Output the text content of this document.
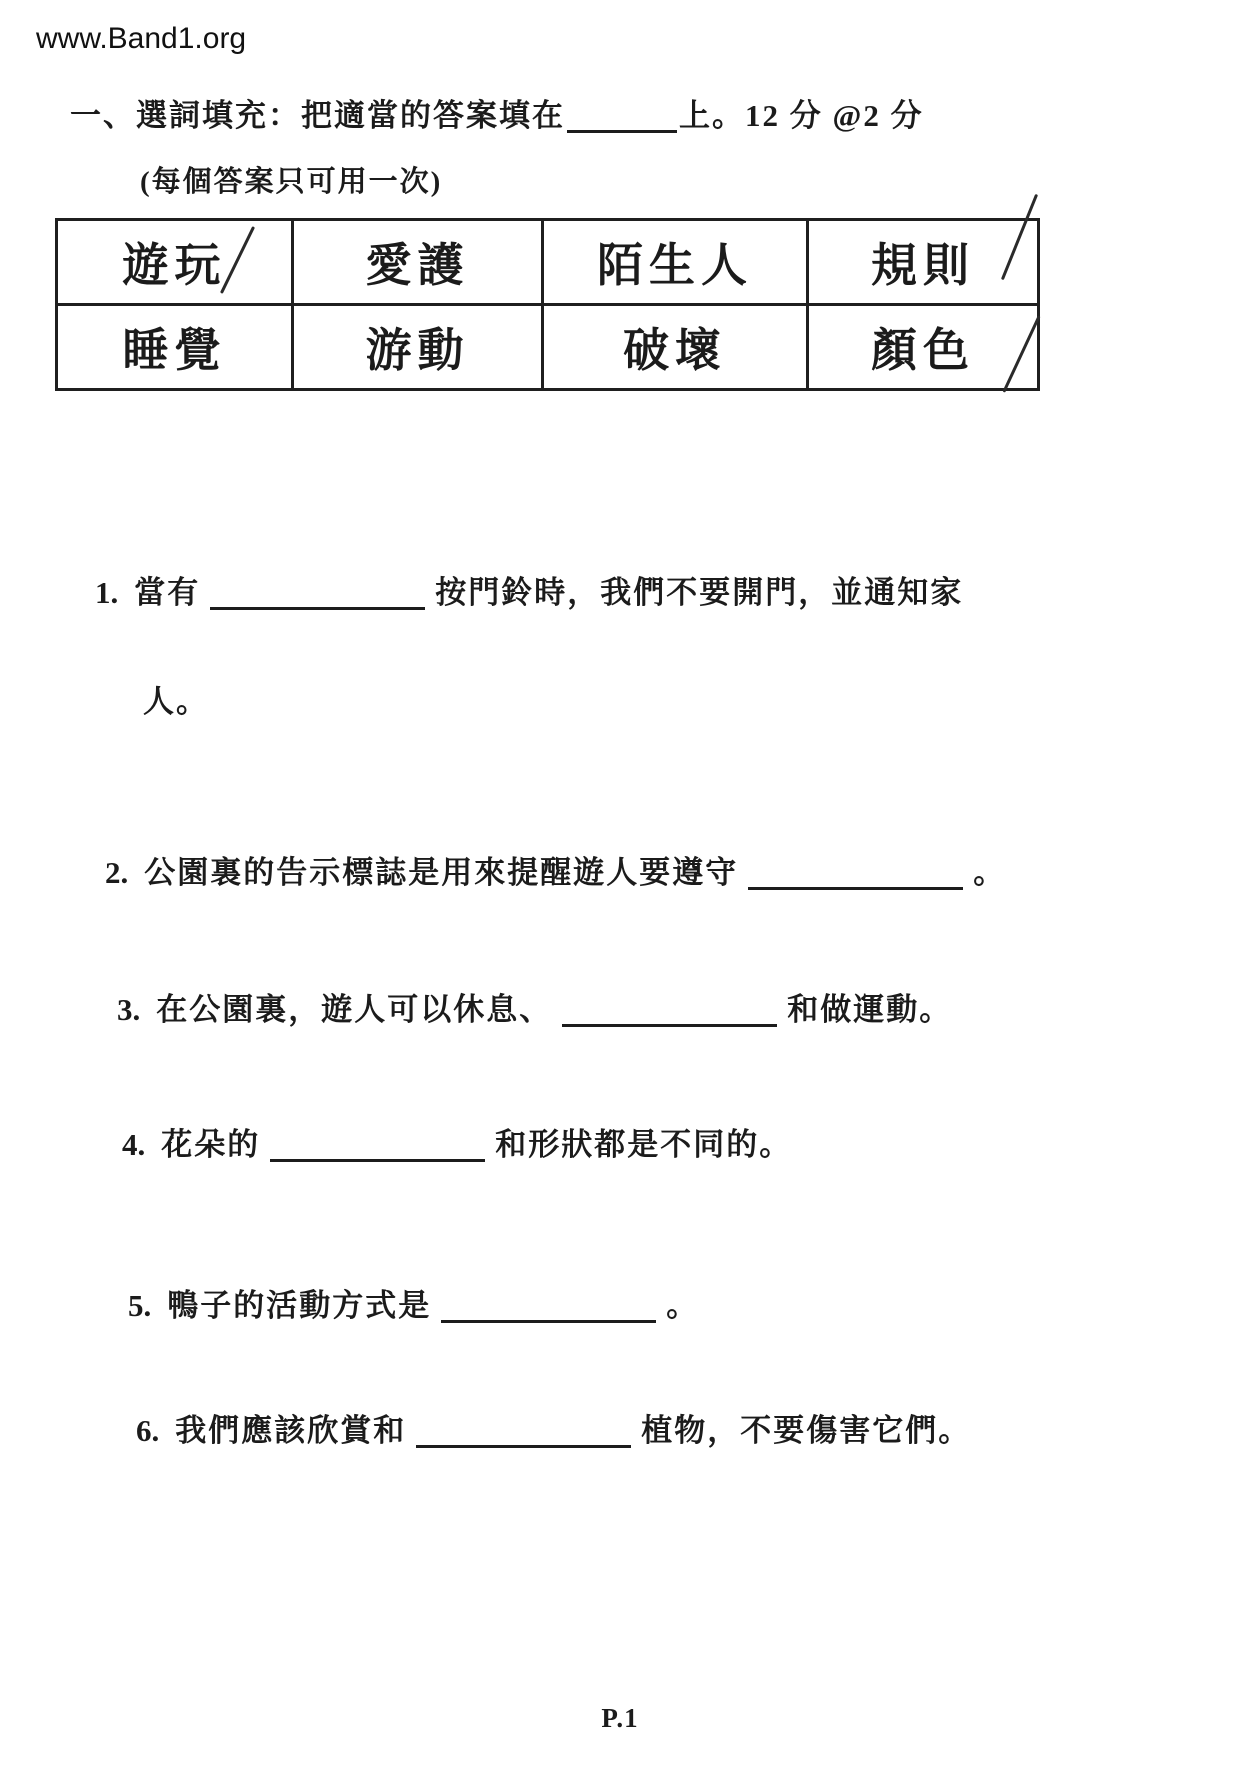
www.Band1.org
一、選詞填充：把適當的答案填在	上。12 分 @2 分
(每個答案只可用一次)
遊玩	愛護	陌生人	規則

睡覺	游動	破壞	顏色
1. 當有	按門鈴時，我們不要開門，並通知家
人。
2. 公園裏的告示標誌是用來提醒遊人要遵守	。
3. 在公園裏，遊人可以休息、	和做運動。
4. 花朵的	和形狀都是不同的。
5. 鴨子的活動方式是	。
6. 我們應該欣賞和	植物，不要傷害它們。
P.1
